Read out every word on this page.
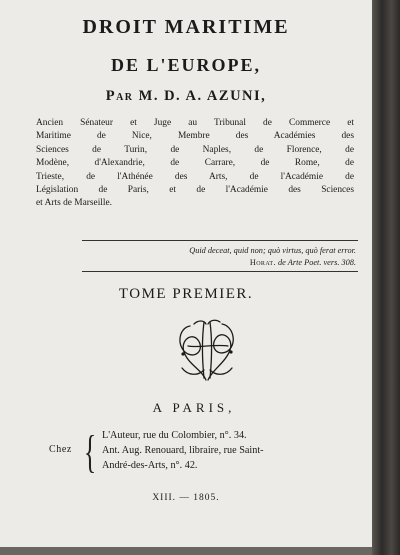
DROIT MARITIME
DE L'EUROPE,
Par M. D. A. AZUNI,
Ancien Sénateur et Juge au Tribunal de Commerce et
Maritime de Nice, Membre des Académies des
Sciences de Turin, de Naples, de Florence, de
Modène, d'Alexandrie, de Carrare, de Rome, de
Trieste, de l'Athénée des Arts, de l'Académie de
Législation de Paris, et de l'Académie des Sciences
et Arts de Marseille.
Quid deceat, quid non; quò virtus, quò ferat error.
Horat. de Arte Poet. vers. 308.
TOME PREMIER.
A PARIS,
Chez { L'Auteur, rue du Colombier, n°. 34.
Ant. Aug. Renouard, libraire, rue Saint-
André-des-Arts, n°. 42.
XIII. — 1805.
